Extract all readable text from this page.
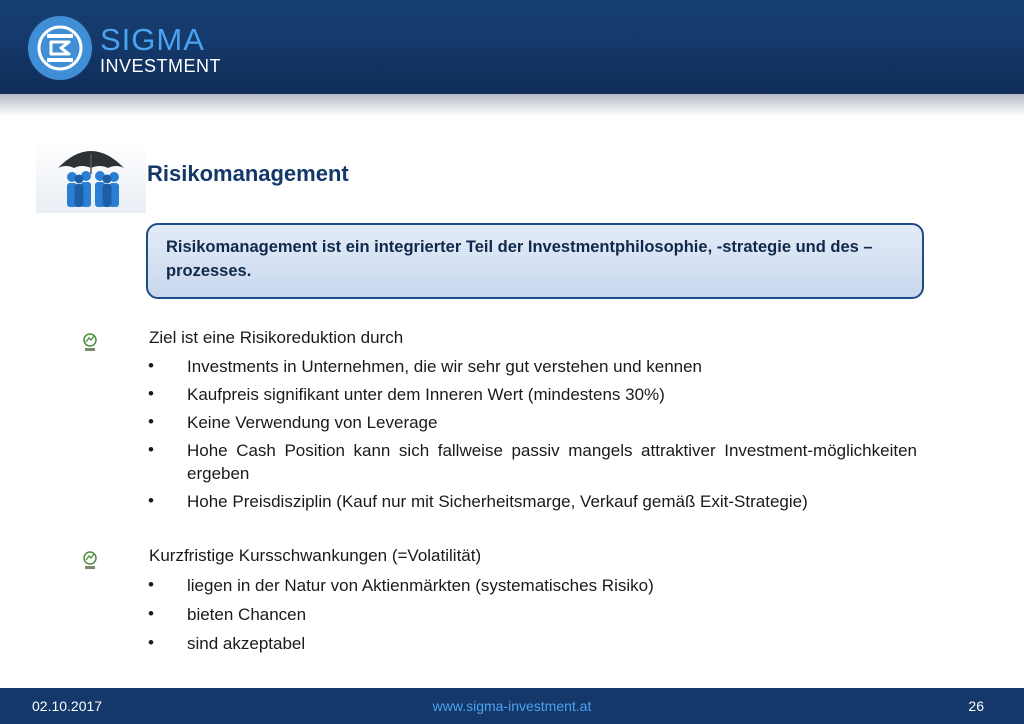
SIGMA
INVESTMENT
Risikomanagement
Risikomanagement ist ein integrierter Teil der Investmentphilosophie, -strategie und des –prozesses.
Ziel ist eine Risikoreduktion durch
• Investments in Unternehmen, die wir sehr gut verstehen und kennen
• Kaufpreis signifikant unter dem Inneren Wert (mindestens 30%)
• Keine Verwendung von Leverage
• Hohe Cash Position kann sich fallweise passiv mangels attraktiver Investment-möglichkeiten ergeben
• Hohe Preisdisziplin (Kauf nur mit Sicherheitsmarge, Verkauf gemäß Exit-Strategie)
Kurzfristige Kursschwankungen (=Volatilität)
• liegen in der Natur von Aktienmärkten (systematisches Risiko)
• bieten Chancen
• sind akzeptabel
02.10.2017	www.sigma-investment.at	26
